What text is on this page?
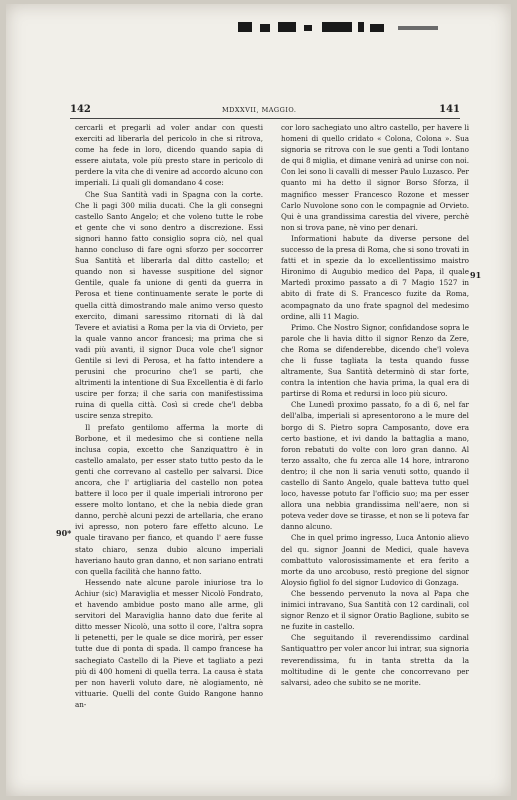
142	MDXXVII, MAGGIO.	141
91
90*

cercarli et pregarli ad voler andar con questi exerciti ad liberarla del pericolo in che si ritrova, come ha fede in loro, dicendo quando sapia di essere aiutata, vole più presto stare in pericolo di perdere la vita che di venire ad accordo alcuno con imperiali. Li quali gli domandano 4 cose:

Che Sua Santità vadi in Spagna con la corte. Che li pagi 300 milia ducati. Che la gli consegni castello Santo Angelo; et che voleno tutte le robe et gente che vi sono dentro a discrezione. Essi signori hanno fatto consiglio sopra ciò, nel qual hanno concluso di fare ogni sforzo per soccorrer Sua Santità et liberarla dal ditto castello; et quando non si havesse suspitione del signor Gentile, quale fa unione di genti da guerra in Perosa et tiene continuamente serate le porte di quella città dimostrando male animo verso questo exercito, dimani saressimo ritornati di là dal Tevere et aviatisi a Roma per la via di Orvieto, per la quale vanno ancor francesi; ma prima che si vadi più avanti, il signor Duca vole che'l signor Gentile si levi di Perosa, et ha fatto intendere a perusini che procurino che'l se parti, che altrimenti la intentione di Sua Excellentia è di farlo uscire per forza; il che saria con manifestissima ruina di quella città. Così si crede che'l debba uscire senza strepito.

Il prefato gentilomo afferma la morte di Borbone, et il medesimo che si contiene nella inclusa copia, excetto che Sanziquattro è in castello amalato, per esser stato tutto pesto da le genti che correvano al castello per salvarsi. Dice ancora, che l' artigliaria del castello non potea battere il loco per il quale imperiali introrono per essere molto lontano, et che la nebia diede gran danno, perchè alcuni pezzi de artellaria, che erano ivi apresso, non potero fare effetto alcuno. Le quale tiravano per fianco, et quando l' aere fusse stato chiaro, senza dubio alcuno imperiali haveriano hauto gran danno, et non sariano entrati con quella facilità che hanno fatto.

Hessendo nate alcune parole iniuriose tra lo Achiur (sic) Maraviglia et messer Nicolò Fondrato, et havendo ambidue posto mano alle arme, gli servitori del Maraviglia hanno dato due ferite al ditto messer Nicolò, una sotto il core, l'altra sopra li petenetti, per le quale se dice morirà, per esser tutte due di ponta di spada. Il campo francese ha sachegiato Castello di la Pieve et tagliato a pezi più di 400 homeni di quella terra. La causa è stata per non haverli voluto dare, nè alogiamento, nè vittuarie. Quelli del conte Guido Rangone hanno an-

cor loro sachegiato uno altro castello, per havere li homeni di quello cridato « Colona, Colona ». Sua signoria se ritrova con le sue genti a Todi lontano de qui 8 miglia, et dimane venirà ad unirse con noi. Con lei sono li cavalli di messer Paulo Luzasco. Per quanto mi ha detto il signor Borso Sforza, il magnifico messer Francesco Rozone et messer Carlo Nuvolone sono con le compagnie ad Orvieto. Qui è una grandissima carestia del vivere, perchè non si trova pane, nè vino per denari.

Informationi habute da diverse persone del successo de la presa di Roma, che si sono trovati in fatti et in spezie da lo excellentissimo maistro Hironimo di Augubio medico del Papa, il quale Martedì proximo passato a dì 7 Magio 1527 in abito di frate di S. Francesco fuzite da Roma, acompagnato da uno frate spagnol del medesimo ordine, alli 11 Magio.

Primo. Che Nostro Signor, confidandose sopra le parole che li havia ditto il signor Renzo da Zere, che Roma se difenderebbe, dicendo che'l voleva che li fusse tagliata la testa quando fusse altramente, Sua Santità determinò di star forte, contra la intention che havia prima, la qual era di partirse di Roma et redursi in loco più sicuro.

Che Lunedì proximo passato, fo a dì 6, nel far dell'alba, imperiali si apresentorono a le mure del borgo di S. Pietro sopra Camposanto, dove era certo bastione, et ivi dando la battaglia a mano, foron rebatuti do volte con loro gran danno. Al terzo assalto, che fu zerca alle 14 hore, intrarono dentro; il che non li saria venuti sotto, quando il castello di Santo Angelo, quale batteva tutto quel loco, havesse potuto far l'officio suo; ma per esser allora una nebbia grandissima nell'aere, non si poteva veder dove se tirasse, et non se li poteva far danno alcuno.

Che in quel primo ingresso, Luca Antonio alievo del qu. signor Joanni de Medici, quale haveva combattuto valorosissimamente et era ferito a morte da uno arcobuso, restò pregione del signor Aloysio figliol fo del signor Ludovico di Gonzaga.

Che bessendo pervenuto la nova al Papa che inimici intravano, Sua Santità con 12 cardinali, col signor Renzo et il signor Oratio Baglione, subito se ne fuzite in castello.

Che seguitando il reverendissimo cardinal Santiquattro per voler ancor lui intrar, sua signoria reverendissima, fu in tanta stretta da la moltitudine di le gente che concorrevano per salvarsi, adeo che subito se ne morite.
